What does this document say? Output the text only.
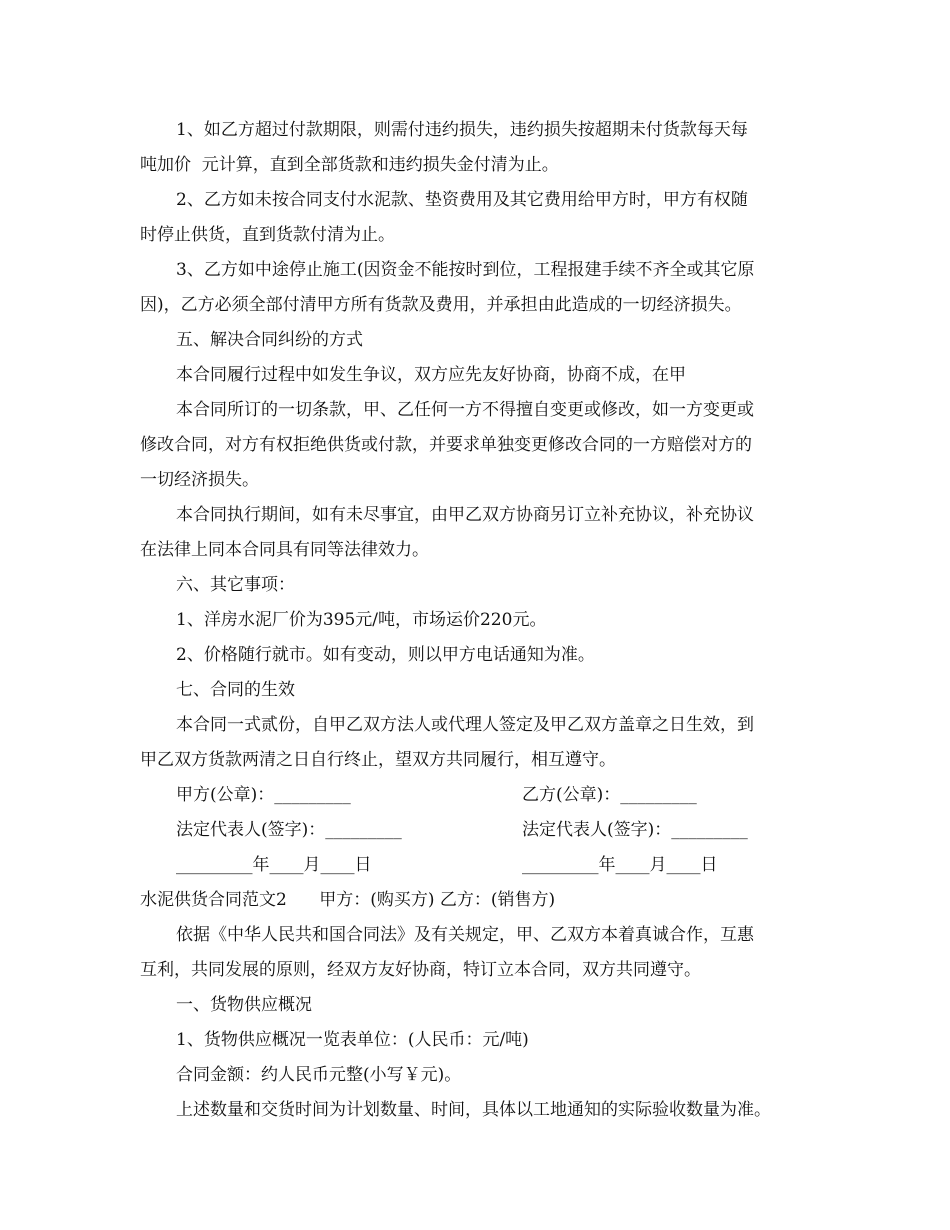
1、如乙方超过付款期限，则需付违约损失，违约损失按超期未付货款每天每
吨加价  元计算，直到全部货款和违约损失金付清为止。
2、乙方如未按合同支付水泥款、垫资费用及其它费用给甲方时，甲方有权随
时停止供货，直到货款付清为止。
3、乙方如中途停止施工(因资金不能按时到位，工程报建手续不齐全或其它原
因)，乙方必须全部付清甲方所有货款及费用，并承担由此造成的一切经济损失。
五、解决合同纠纷的方式
本合同履行过程中如发生争议，双方应先友好协商，协商不成，在甲
本合同所订的一切条款，甲、乙任何一方不得擅自变更或修改，如一方变更或
修改合同，对方有权拒绝供货或付款，并要求单独变更修改合同的一方赔偿对方的
一切经济损失。
本合同执行期间，如有未尽事宜，由甲乙双方协商另订立补充协议，补充协议
在法律上同本合同具有同等法律效力。
六、其它事项：
1、洋房水泥厂价为395元/吨，市场运价220元。
2、价格随行就市。如有变动，则以甲方电话通知为准。
七、合同的生效
本合同一式贰份，自甲乙双方法人或代理人签定及甲乙双方盖章之日生效，到
甲乙双方货款两清之日自行终止，望双方共同履行，相互遵守。
甲方(公章)：_________	乙方(公章)：_________
法定代表人(签字)：_________	法定代表人(签字)：_________
_________年____月____日	_________年____月____日
水泥供货合同范文2      甲方：(购买方) 乙方：(销售方)
依据《中华人民共和国合同法》及有关规定，甲、乙双方本着真诚合作，互惠
互利，共同发展的原则，经双方友好协商，特订立本合同，双方共同遵守。
一、货物供应概况
1、货物供应概况一览表单位：(人民币：元/吨)
合同金额：约人民币元整(小写￥元)。
上述数量和交货时间为计划数量、时间，具体以工地通知的实际验收数量为准。
